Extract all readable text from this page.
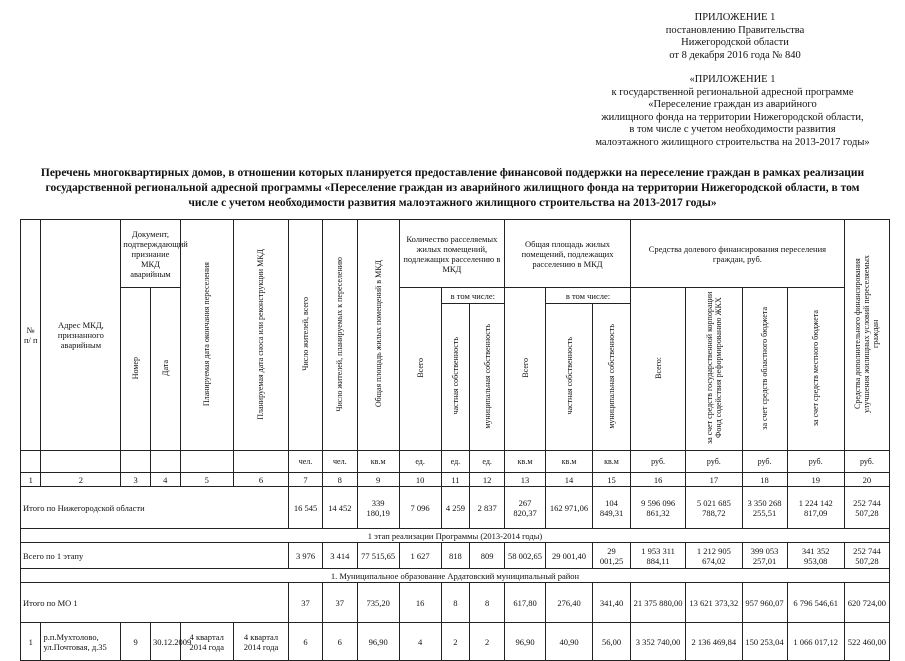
ПРИЛОЖЕНИЕ 1
постановлению Правительства
Нижегородской области
от 8 декабря 2016 года № 840
«ПРИЛОЖЕНИЕ 1
к государственной региональной адресной программе
«Переселение граждан из аварийного
жилищного фонда на территории Нижегородской области,
в том числе с учетом необходимости развития
малоэтажного жилищного строительства на 2013-2017 годы»
Перечень многоквартирных домов, в отношении которых планируется предоставление финансовой поддержки на переселение граждан в рамках реализации
государственной региональной адресной программы «Переселение граждан из аварийного жилищного фонда на территории Нижегородской области, в том
числе с учетом необходимости развития малоэтажного жилищного строительства на 2013-2017 годы»
№ п/ п	Адрес МКД, признанного аварийным	Документ, подтверждающий признание МКД аварийным		Планируемая дата окончания переселения	Планируемая дата сноса или реконструкции МКД	Число жителей, всего	Число жителей, планируемых к переселению	Общая площадь жилых помещений в МКД	Количество расселяемых жилых помещений, подлежащих расселению в МКД			Общая площадь жилых помещений, подлежащих расселению в МКД			Средства долевого финансирования переселения граждан, руб.				Средства дополнительного финансирования улучшения жилищных условий переселяемых граждан
		Номер	Дата						Всего	в том числе:		Всего	в том числе:		Всего:	за счет средств государственной корпорации Фонд содействия реформированию ЖКХ	за счет средств областного бюджета	за счет средств местного бюджета	
										частная собственность	муниципальная собственность		частная собственность	муниципальная собственность					
						чел.	чел.	кв.м	ед.	ед.	ед.	кв.м	кв.м	кв.м	руб.	руб.	руб.	руб.	руб.
1	2	3	4	5	6	7	8	9	10	11	12	13	14	15	16	17	18	19	20
Итого по Нижегородской области						16 545	14 452	339 180,19	7 096	4 259	2 837	267 820,37	162 971,06	104 849,31	9 596 096 861,32	5 021 685 788,72	3 350 268 255,51	1 224 142 817,09	252 744 507,28
1 этап реализации Программы (2013-2014 годы)																			
Всего по 1 этапу						3 976	3 414	77 515,65	1 627	818	809	58 002,65	29 001,40	29 001,25	1 953 311 884,11	1 212 905 674,02	399 053 257,01	341 352 953,08	252 744 507,28
1. Муниципальное образование Ардатовский муниципальный район																			
Итого по МО 1						37	37	735,20	16	8	8	617,80	276,40	341,40	21 375 880,00	13 621 373,32	957 960,07	6 796 546,61	620 724,00
1	р.п.Мухтолово, ул.Почтовая, д.35	9	30.12.2009	4 квартал 2014 года	4 квартал 2014 года	6	6	96,90	4	2	2	96,90	40,90	56,00	3 352 740,00	2 136 469,84	150 253,04	1 066 017,12	522 460,00
